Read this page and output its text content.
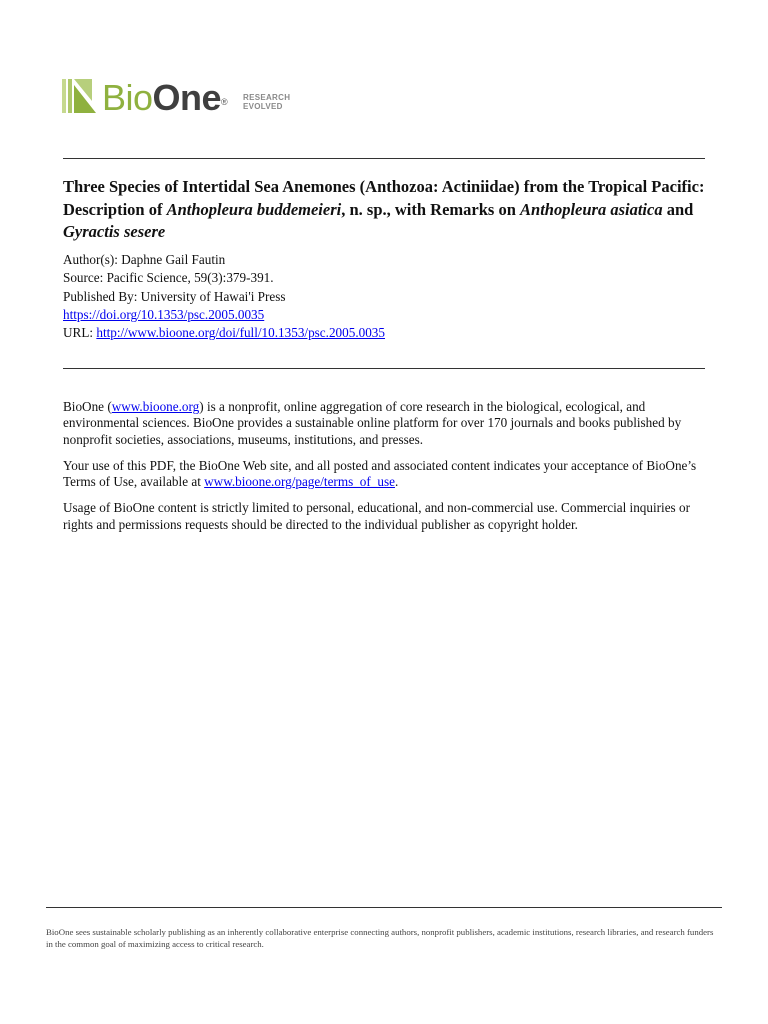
BioOne® RESEARCH
EVOLVED
Three Species of Intertidal Sea Anemones (Anthozoa: Actiniidae) from the Tropical Pacific: Description of Anthopleura buddemeieri, n. sp., with Remarks on Anthopleura asiatica and Gyractis sesere
Author(s): Daphne Gail Fautin
Source: Pacific Science, 59(3):379-391.
Published By: University of Hawai'i Press
https://doi.org/10.1353/psc.2005.0035
URL: http://www.bioone.org/doi/full/10.1353/psc.2005.0035

BioOne (www.bioone.org) is a nonprofit, online aggregation of core research in the biological, ecological, and environmental sciences. BioOne provides a sustainable online platform for over 170 journals and books published by nonprofit societies, associations, museums, institutions, and presses.

Your use of this PDF, the BioOne Web site, and all posted and associated content indicates your acceptance of BioOne’s Terms of Use, available at www.bioone.org/page/terms_of_use.

Usage of BioOne content is strictly limited to personal, educational, and non-commercial use. Commercial inquiries or rights and permissions requests should be directed to the individual publisher as copyright holder.

BioOne sees sustainable scholarly publishing as an inherently collaborative enterprise connecting authors, nonprofit publishers, academic institutions, research libraries, and research funders in the common goal of maximizing access to critical research.
